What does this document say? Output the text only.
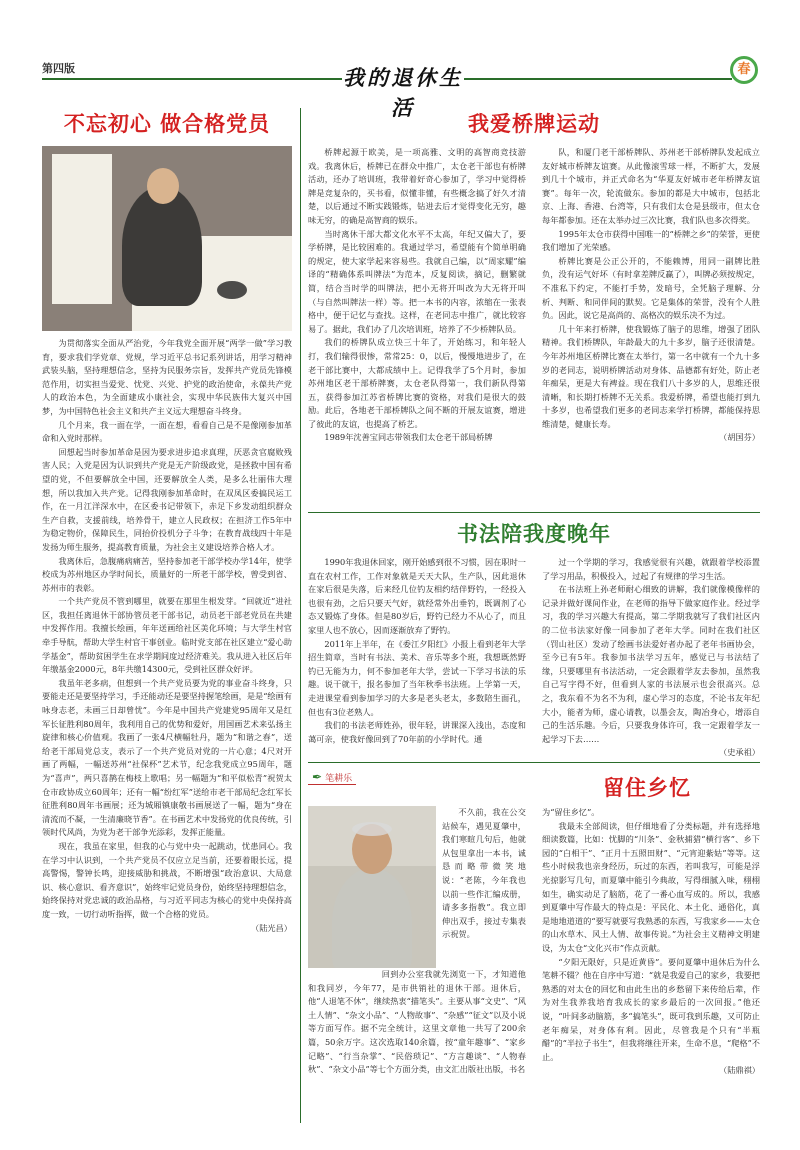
第四版	我的退休生活
春
不忘初心 做合格党员

为贯彻落实全面从严治党，今年我党全面开展“两学一做”学习教育，要求我们学党章、党规，学习近平总书记系列讲话，用学习精神武装头脑，坚持理想信念，坚持为民服务宗旨，发挥共产党员先锋模范作用，切实担当爱党、忧党、兴党、护党的政治使命，永葆共产党人的政治本色，为全面建成小康社会，实现中华民族伟大复兴中国梦，为中国特色社会主义和共产主义远大理想奋斗终身。

几个月来，我一面在学，一面在想，看看自己是不是像刚参加革命和入党时那样。

回想起当时参加革命是因为要求进步追求真理，厌恶贪官腐败残害人民；入党是因为认识到共产党是无产阶级政党，是拯救中国有希望的党，不但要解放全中国，还要解放全人类，是多么壮丽伟大理想，所以我加入共产党。记得我刚参加革命时，在双凤区委搞民运工作，在一月江洋深水中，在区委书记带领下，赤足下乡发动组织群众生产自救，支援前线，培养骨干，建立人民政权；在担济工作5年中为稳定物价，保障民生，同抬价投机分子斗争；在教育战线四十年是发扬为师生服务，提高教育质量，为社会主义建设培养合格人才。

我离休后，急腹痛病痛苦，坚持参加老干部学校办学14年，使学校成为苏州地区办学时间长，质量好的一所老干部学校，曾受到省、苏州市的表彰。

一个共产党员不管到哪里，就要在那里生根发芽。“回就近”进社区，我担任离退休干部协管员老干部书记，动员老干部老党员在共建中发挥作用。我擅长绘画，年年送画给社区美化环境；与大学生村官牵手导航，帮助大学生村官干事创业。临时党支部在社区建立“爱心助学基金”，帮助贫困学生在求学期间度过经济难关。我从进入社区后年年缴基金2000元，8年共缴14300元，受到社区群众好评。

我虽年老多病，但想到一个共产党员要为党的事业奋斗终身，只要能走还是要坚持学习，手还能动还是要坚持握笔绘画，是是“绘画有咏身志老，未画三日却曾忧”。今年是中国共产党建党95周年又是红军长征胜利80周年，我利用自己的优势和爱好，用国画艺术来弘扬主旋律和核心价值观。我画了一张4尺横幅牡丹，题为“和谐之春”，送给老干部局党总支，表示了一个共产党员对党的一片心意；4尺对开画了两幅，一幅送苏州“社保杯”艺术节，纪念我党成立95周年，题为“喜声”，两只喜鹊在梅枝上歌唱；另一幅题为“和平似松青”祝贺太仓市政协成立60周年；还有一幅“纷红军”送给市老干部局纪念红军长征胜利80周年书画展；还为城厢镇康敬书画展送了一幅，题为“身在清流而不凝，一生清廉晓节香”。在书画艺术中发扬党的优良传统，引领时代风尚，为党为老干部争光添彩，发挥正能量。

现在，我虽在家里，但我的心与党中央一起跳动，忧患同心。我在学习中认识到，一个共产党员不仅应立足当前，还要着眼长远，提高警惕，警钟长鸣，迎接威胁和挑战，不断增强“政治意识、大局意识、核心意识、看齐意识”，始终牢记党员身份，始终坚持理想信念，始终保持对党忠诚的政治品格，与习近平同志为核心的党中央保持高度一致，一切行动听指挥，做一个合格的党员。

（陆光昌）
我爱桥牌运动

桥牌起源于欧美，是一项高雅、文明的高智商竞技游戏。我离休后，桥牌已在群众中推广，太仓老干部也有桥牌活动，还办了培训班，我带着好奇心参加了，学习中觉得桥牌是竞复杂的，买书看，似懂非懂，有些概念搞了好久才清楚，以后通过不断实践锻炼，钻进去后才觉得变化无穷，趣味无穷，的确是高智商的娱乐。

当时离休干部大都文化水平不太高，年纪又偏大了，要学桥牌，是比较困难的。我通过学习，希望能有个简单明确的规定，使大家学起来容易些。我就自己编，以“周家耀”编译的“精确体系叫牌法”为范本，反复阅读，摘记，删繁就简，结合当时学的叫牌法，把小无将开叫改为大无将开叫（与自然叫牌法一样）等。把一本书的内容，浓缩在一张表格中，便于记忆与查找。这样，在老同志中推广，就比较容易了。据此，我们办了几次培训班，培养了不少桥牌队员。

我们的桥牌队成立快三十年了，开始练习，和年轻人打，我们输得很惨，常常25：0，以后，慢慢地进步了，在老干部比赛中，大都成绩中上。记得我学了5个月时，参加苏州地区老干部桥牌赛，太仓老队得第一，我们新队得第五，获得参加江苏省桥牌比赛的资格，对我们是很大的鼓励。此后，各地老干部桥牌队之间不断的开展友谊赛，增进了彼此的友谊，也提高了桥艺。

1989年沈善宝同志带领我们太仓老干部局桥牌

队，和厦门老干部桥牌队、苏州老干部桥牌队发起成立友好城市桥牌友谊赛。从此像滚雪球一样，不断扩大，发展到几十个城市，并正式命名为“华夏友好城市老年桥牌友谊赛”。每年一次，轮流做东。参加的都是大中城市，包括北京、上海、香港、台湾等，只有我们太仓是县级市，但太仓每年都参加。还在太举办过三次比赛，我们队也多次得奖。

1995年太仓市获得中国唯一的“桥牌之乡”的荣誉，更使我们增加了光荣感。

桥牌比赛是公正公开的，不能赖博，用同一副牌比胜负，没有运气好坏（有时拿差牌反赢了），叫牌必须按规定，不准私下约定，不能打手势，发暗号，全凭脑子理解、分析、判断、和同伴间的默契。它是集体的荣誉，没有个人胜负。因此，说它是高尚的、高格次的娱乐决不为过。

几十年来打桥牌，使我锻炼了脑子的思维，增强了团队精神。我们桥牌队，年龄最大的九十多岁，脑子还很清楚。今年苏州地区桥牌比赛在太举行，第一名中就有一个九十多岁的老同志，说明桥牌活动对身体、品德都有好处，防止老年痴呆，更是大有裨益。现在我们八十多岁的人，思维还很清晰，和长期打桥牌不无关系。我爱桥牌，希望也能打到九十多岁，也希望我们更多的老同志来学打桥牌，都能保持思维清楚，健康长寿。

（胡国芬）
书法陪我度晚年

1990年我退休回家，刚开始感到很不习惯，因在职时一直在农村工作，工作对象就是天天大队，生产队，因此退休在家后很是失落，后来经几位钓友相约结伴野钓，一经投入也很有劲，之后只要天气好，就经常外出垂钓，既调剂了心态又锻炼了身体。但是80岁后，野钓已经力不从心了，而且家里人也不放心，因而逐渐放弃了野钓。

2011年上半年，在《委江夕阳红》小报上看到老年大学招生简章，当时有书法、美术、音乐等多个班，我想既然野钓已无能为力，何不参加老年大学，尝试一下学习书法的乐趣。说干就干，报名参加了当年秋季书法班。上学第一天，走进课堂看到参加学习的大多是老头老太，多数陪生面孔，但也有3位老熟人。

我们的书法老师姓孙，很年轻，讲课深入浅出，态度和蔼可亲，使我好像回到了70年前的小学时代。通

过一个学期的学习，我感觉很有兴趣，就跟着学校添置了学习用品，积极投入，过起了有规律的学习生活。

在书法班上孙老师耐心细致的讲解，我们就像模像样的记录并做好课间作业，在老师的指导下做家庭作业。经过学习，我的学习兴趣大有提高，第二学期我就写了我们社区内的二位书法家好像一同参加了老年大学。同时在我们社区（罚山社区）发动了绘画书法爱好者办起了老年书画协会，至今已有5年。我参加书法学习五年，感觉已与书法结了缘，只要哪里有书法活动，一定会跟着学友去参加，虽然我自己写字得不好，但看到人家的书法展示也会很高兴。总之，我东看不为名不为利，虚心学习的态度，不论书友年纪大小，能者为师，虚心请教，以墨会友，陶冶身心，增添自己的生活乐趣。今后，只要我身体许可，我一定跟着学友一起学习下去……

（史承祖）
✒ 笔耕乐	留住乡忆

不久前，我在公交站候车，遇见夏肇中，我们寒暄几句后，他就从包里拿出一本书，诚恳而略带微笑地说：“老陈，今年我也以前一些作汇编成册，请多多指教”。我立即伸出双手，接过专集表示祝贺。

回到办公室我就先浏览一下，才知道他和我同岁，今年77，是市供销社的退休干部。退休后，他“人退笔不休”，继续热衷“描笔头”。主要从事“文史”、“风土人情”、“杂文小品”、“人物故事”、“杂感”“征文”以及小说等方面写作。据不完全统计，这里文章他一共写了200余篇，50余万字。这次选取140余篇，按“童年趣事”、“家乡记略”、“行当杂掌”、“民俗琐记”、“方言趣谈”、“人物春秋”、“杂文小品”等七个方面分类，由文汇出版社出版，书名

为“留住乡忆”。

我最未全部阅读，但仔细地看了分类标题，并有选择地细读数篇，比如：忧脚的“川条”、金秋捕猎“横行客”、乡下园的“白相干”、“正月十五照田财”、“元宵迎紫姑”等等。这些小时候我也亲身经历，玩过的东西，若叫我写，可能是浮光掠影写几句，而夏肇中能引今典故，写得细腻入味，栩栩如生，确实动足了脑筋，花了一番心血写成的。所以，我感到夏肇中写作最大的特点是：平民化、本土化、通俗化，真是地地道道的“要写就要写我熟悉的东西，写我家乡——太仓的山水草木、风土人情、故事传说。”为社会主义精神文明建设，为太仓“文化兴市”作点贡献。

“夕阳无限好，只是近黄昏”。要问夏肇中退休后为什么笔耕不辍？他在自序中写道：“就是我爱自己的家乡，我要把熟悉的对太仓的回忆和由此生出的乡愁留下来传给后辈，作为对生我养我培育我成长的家乡最后的一次回报。”他还说，“叶间多动脑筋，多“搞笔头”，既可我到乐趣，又可防止老年痴呆，对身体有利。因此，尽管我是个只有“半瓶醋”的“半拉子书生”，但我将继往开来，生命不息，“爬格”不止。

（陆鼎祺）
